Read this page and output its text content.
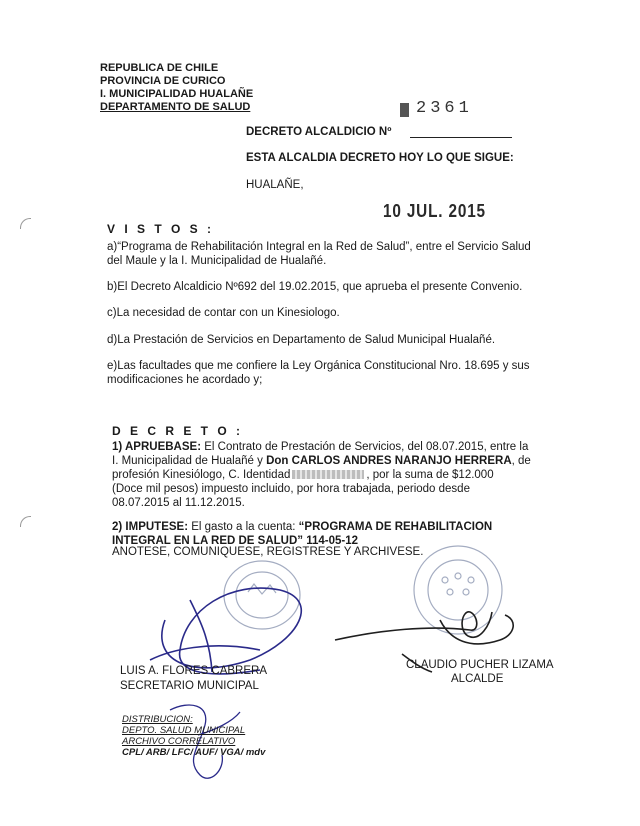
REPUBLICA DE CHILE
PROVINCIA DE CURICO
I. MUNICIPALIDAD HUALAÑE
DEPARTAMENTO DE SALUD	2361
DECRETO ALCALDICIO Nº
ESTA ALCALDIA DECRETO HOY LO QUE SIGUE:
HUALAÑE,
10 JUL. 2015
V I S T O S :
a)“Programa de Rehabilitación Integral en la Red de Salud”, entre el Servicio Salud
del Maule y la I. Municipalidad de Hualañé.
b)El Decreto Alcaldicio Nº692 del 19.02.2015, que aprueba el presente Convenio.
c)La necesidad de contar con un Kinesiologo.
d)La Prestación de Servicios en Departamento de Salud Municipal Hualañé.
e)Las facultades que me confiere la Ley Orgánica Constitucional Nro. 18.695 y sus
modificaciones he acordado y;
D E C R E T O :
1) APRUEBASE: El Contrato de Prestación de Servicios, del 08.07.2015, entre la
I. Municipalidad de Hualañé y Don CARLOS ANDRES NARANJO HERRERA, de
profesión Kinesiólogo, C. Identidad	, por la suma de $12.000
(Doce mil pesos) impuesto incluido, por hora trabajada, periodo desde
08.07.2015 al 11.12.2015.
2) IMPUTESE: El gasto a la cuenta: “PROGRAMA DE REHABILITACION
INTEGRAL EN LA RED DE SALUD” 114-05-12
ANOTESE, COMUNIQUESE, REGISTRESE Y ARCHIVESE.
LUIS A. FLORES CABRERA
SECRETARIO MUNICIPAL
CLAUDIO PUCHER LIZAMA
ALCALDE
DISTRIBUCION:
DEPTO. SALUD MUNICIPAL
ARCHIVO CORRELATIVO
CPL/ ARB/ LFC/ AUF/ VGA/ mdv
